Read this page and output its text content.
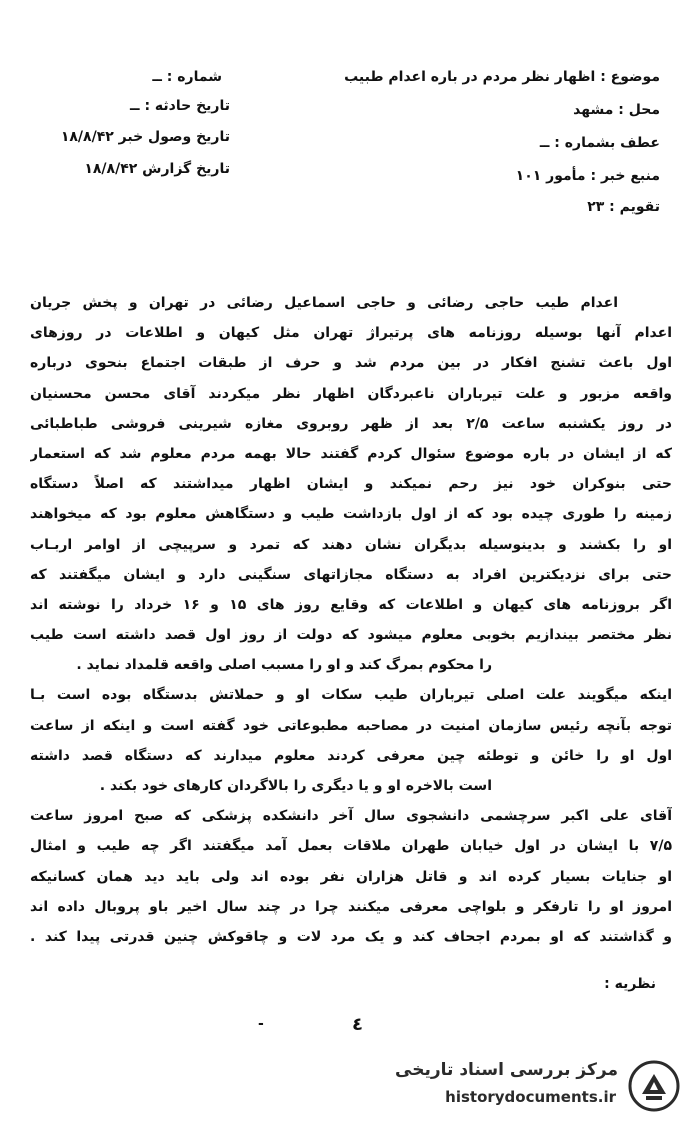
موضوع : اظهار نظر مردم در باره اعدام طبیب
محل : مشهد
عطف بشماره : ــ
منبع خبر : مأمور ۱۰۱
تقویم : ۲۳
شماره : ــ
تاریخ حادثه : ــ
تاریخ وصول خبر ۱۸/۸/۴۲
تاریخ گزارش ۱۸/۸/۴۲
اعدام طیب حاجی رضائی و حاجی اسماعیل رضائی در تهران و پخش جریان
اعدام آنها بوسیله روزنامه های پرتیراژ تهران مثل کیهان و اطلاعات در روزهای
اول باعث تشنج افکار در بین مردم شد و حرف از طبقات اجتماع بنحوی درباره
واقعه مزبور و علت تیرباران ناعبردگان اظهار نظر میکردند آقای محسن محسنیان
در روز یکشنبه ساعت ۲/۵ بعد از ظهر روبروی مغازه شیرینی فروشی طباطبائی
که از ایشان در باره موضوع سئوال کردم گفتند حالا بهمه مردم معلوم شد که استعمار
حتی بنوکران خود نیز رحم نمیکند و ایشان اظهار میداشتند که اصلاً دستگاه
زمینه را طوری چیده بود که از اول بازداشت طیب و دستگاهش معلوم بود که میخواهند
او را بکشند و بدینوسیله بدیگران نشان دهند که تمرد و سرپیچی از اوامر اربـاب
حتی برای نزدیکترین افراد به دستگاه مجازاتهای سنگینی دارد و ایشان میگفتند که
اگر بروزنامه های کیهان و اطلاعات که وقایع روز های ۱۵ و ۱۶ خرداد را نوشته اند
نظر مختصر بیندازیم بخوبی معلوم میشود که دولت از روز اول قصد داشته است طیب
را محکوم بمرگ کند و او را مسبب اصلی واقعه قلمداد نماید .
اینکه میگویند علت اصلی تیرباران طیب سکات او و حملاتش بدستگاه بوده است بـا
توجه بآنچه رئیس سازمان امنیت در مصاحبه مطبوعاتی خود گفته است و اینکه از ساعت
اول او را خائن و توطئه چین معرفی کردند معلوم میدارند که دستگاه قصد داشته
است بالاخره او و یا دیگری را بالاگردان کارهای خود بکند .
آقای علی اکبر سرچشمی دانشجوی سال آخر دانشکده پزشکی که صبح امروز ساعت
۷/۵ با ایشان در اول خیابان طهران ملاقات بعمل آمد میگفتند اگر چه طیب و امثال
او جنایات بسیار کرده اند و قاتل هزاران نفر بوده اند ولی باید دید همان کسانیکه
امروز او را تارفکر و بلواچی معرفی میکنند چرا در چند سال اخیر باو پروبال داده اند
و گذاشتند که او بمردم اجحاف کند و یک مرد لات و چاقوکش چنین قدرتی پیدا کند .
نظریه :
-	٤
مرکز بررسی اسناد تاریخی
historydocuments.ir
